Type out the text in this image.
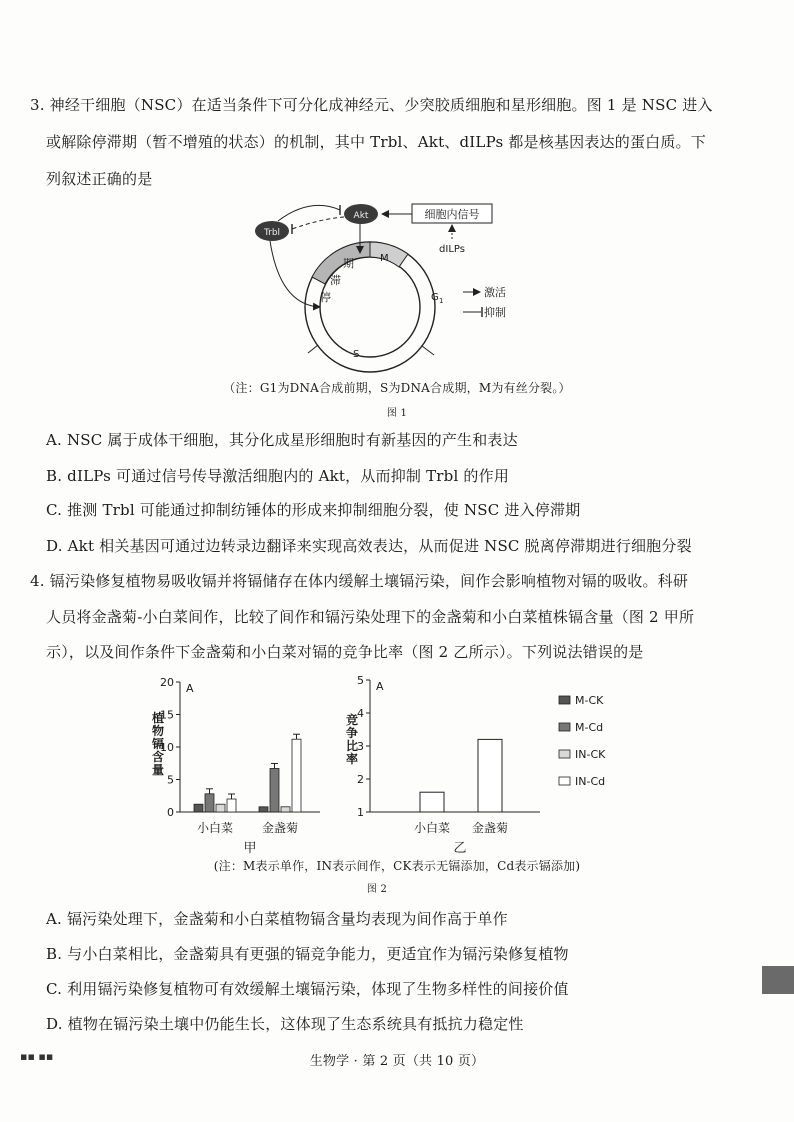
3. 神经干细胞（NSC）在适当条件下可分化成神经元、少突胶质细胞和星形细胞。图 1 是 NSC 进入
或解除停滞期（暂不增殖的状态）的机制，其中 Trbl、Akt、dILPs 都是核基因表达的蛋白质。下
列叙述正确的是
期
滞
停
M
G 1
S
Akt
Trbl
细胞内信号
dILPs
激活
抑制
（注：G1为DNA合成前期，S为DNA合成期，M为有丝分裂。）
图 1
A. NSC 属于成体干细胞，其分化成星形细胞时有新基因的产生和表达
B. dILPs 可通过信号传导激活细胞内的 Akt，从而抑制 Trbl 的作用
C. 推测 Trbl 可能通过抑制纺锤体的形成来抑制细胞分裂，使 NSC 进入停滞期
D. Akt 相关基因可通过边转录边翻译来实现高效表达，从而促进 NSC 脱离停滞期进行细胞分裂
4. 镉污染修复植物易吸收镉并将镉储存在体内缓解土壤镉污染，间作会影响植物对镉的吸收。科研
人员将金盏菊-小白菜间作，比较了间作和镉污染处理下的金盏菊和小白菜植株镉含量（图 2 甲所
示），以及间作条件下金盏菊和小白菜对镉的竞争比率（图 2 乙所示）。下列说法错误的是
0
5
10
15
20 A
植
物
镉
含
量
小白菜 金盏菊
甲
1
2
3
4
5 A
竞
争
比
率
小白菜 金盏菊
乙
M-CK
M-Cd
IN-CK
IN-Cd
(注：M表示单作，IN表示间作，CK表示无镉添加，Cd表示镉添加)
图 2
A. 镉污染处理下，金盏菊和小白菜植物镉含量均表现为间作高于单作
B. 与小白菜相比，金盏菊具有更强的镉竞争能力，更适宜作为镉污染修复植物
C. 利用镉污染修复植物可有效缓解土壤镉污染，体现了生物多样性的间接价值
D. 植物在镉污染土壤中仍能生长，这体现了生态系统具有抵抗力稳定性
生物学 · 第 2 页（共 10 页）
▪▪ ▪▪
